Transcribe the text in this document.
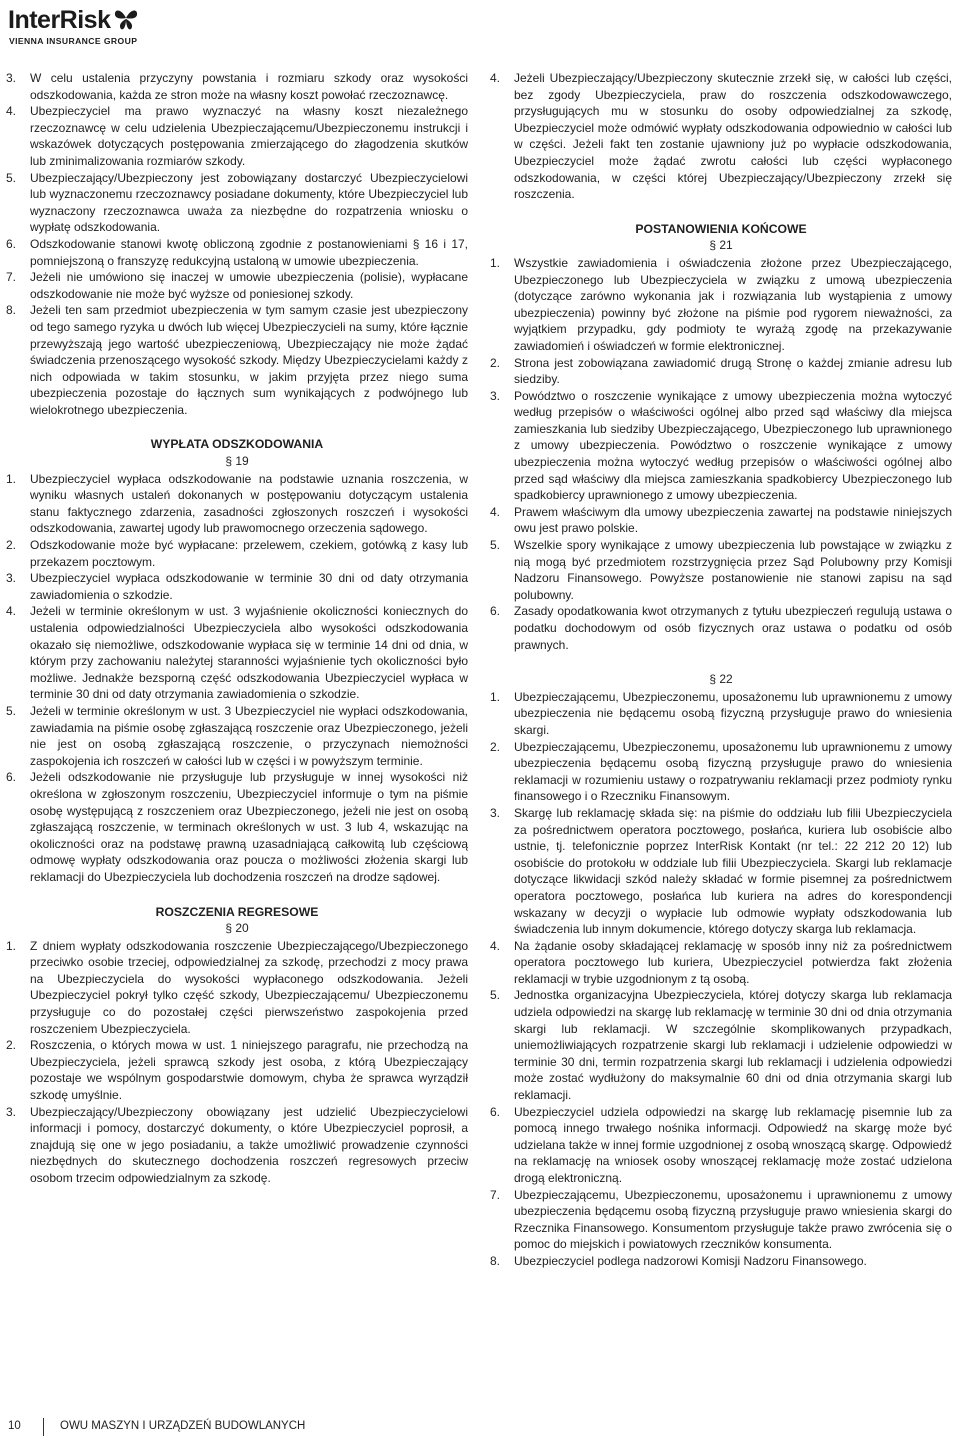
InterRisk
VIENNA INSURANCE GROUP
3. W celu ustalenia przyczyny powstania i rozmiaru szkody oraz wysokości odszkodowania, każda ze stron może na własny koszt powołać rzeczoznawcę.
4. Ubezpieczyciel ma prawo wyznaczyć na własny koszt niezależnego rzeczoznawcę w celu udzielenia Ubezpieczającemu/Ubezpieczonemu instrukcji i wskazówek dotyczących postępowania zmierzającego do złagodzenia skutków lub zminimalizowania rozmiarów szkody.
5. Ubezpieczający/Ubezpieczony jest zobowiązany dostarczyć Ubezpieczycielowi lub wyznaczonemu rzeczoznawcy posiadane dokumenty, które Ubezpieczyciel lub wyznaczony rzeczoznawca uważa za niezbędne do rozpatrzenia wniosku o wypłatę odszkodowania.
6. Odszkodowanie stanowi kwotę obliczoną zgodnie z postanowieniami § 16 i 17, pomniejszoną o franszyzę redukcyjną ustaloną w umowie ubezpieczenia.
7. Jeżeli nie umówiono się inaczej w umowie ubezpieczenia (polisie), wypłacane odszkodowanie nie może być wyższe od poniesionej szkody.
8. Jeżeli ten sam przedmiot ubezpieczenia w tym samym czasie jest ubezpieczony od tego samego ryzyka u dwóch lub więcej Ubezpieczycieli na sumy, które łącznie przewyższają jego wartość ubezpieczeniową, Ubezpieczający nie może żądać świadczenia przenoszącego wysokość szkody. Między Ubezpieczycielami każdy z nich odpowiada w takim stosunku, w jakim przyjęta przez niego suma ubezpieczenia pozostaje do łącznych sum wynikających z podwójnego lub wielokrotnego ubezpieczenia.
WYPŁATA ODSZKODOWANIA
§ 19
1. Ubezpieczyciel wypłaca odszkodowanie na podstawie uznania roszczenia, w wyniku własnych ustaleń dokonanych w postępowaniu dotyczącym ustalenia stanu faktycznego zdarzenia, zasadności zgłoszonych roszczeń i wysokości odszkodowania, zawartej ugody lub prawomocnego orzeczenia sądowego.
2. Odszkodowanie może być wypłacane: przelewem, czekiem, gotówką z kasy lub przekazem pocztowym.
3. Ubezpieczyciel wypłaca odszkodowanie w terminie 30 dni od daty otrzymania zawiadomienia o szkodzie.
4. Jeżeli w terminie określonym w ust. 3 wyjaśnienie okoliczności koniecznych do ustalenia odpowiedzialności Ubezpieczyciela albo wysokości odszkodowania okazało się niemożliwe, odszkodowanie wypłaca się w terminie 14 dni od dnia, w którym przy zachowaniu należytej staranności wyjaśnienie tych okoliczności było możliwe. Jednakże bezsporną część odszkodowania Ubezpieczyciel wypłaca w terminie 30 dni od daty otrzymania zawiadomienia o szkodzie.
5. Jeżeli w terminie określonym w ust. 3 Ubezpieczyciel nie wypłaci odszkodowania, zawiadamia na piśmie osobę zgłaszającą roszczenie oraz Ubezpieczonego, jeżeli nie jest on osobą zgłaszającą roszczenie, o przyczynach niemożności zaspokojenia ich roszczeń w całości lub w części i w powyższym terminie.
6. Jeżeli odszkodowanie nie przysługuje lub przysługuje w innej wysokości niż określona w zgłoszonym roszczeniu, Ubezpieczyciel informuje o tym na piśmie osobę występującą z roszczeniem oraz Ubezpieczonego, jeżeli nie jest on osobą zgłaszającą roszczenie, w terminach określonych w ust. 3 lub 4, wskazując na okoliczności oraz na podstawę prawną uzasadniającą całkowitą lub częściową odmowę wypłaty odszkodowania oraz poucza o możliwości złożenia skargi lub reklamacji do Ubezpieczyciela lub dochodzenia roszczeń na drodze sądowej.
ROSZCZENIA REGRESOWE
§ 20
1. Z dniem wypłaty odszkodowania roszczenie Ubezpieczającego/Ubezpieczonego przeciwko osobie trzeciej, odpowiedzialnej za szkodę, przechodzi z mocy prawa na Ubezpieczyciela do wysokości wypłaconego odszkodowania. Jeżeli Ubezpieczyciel pokrył tylko część szkody, Ubezpieczającemu/ Ubezpieczonemu przysługuje co do pozostałej części pierwszeństwo zaspokojenia przed roszczeniem Ubezpieczyciela.
2. Roszczenia, o których mowa w ust. 1 niniejszego paragrafu, nie przechodzą na Ubezpieczyciela, jeżeli sprawcą szkody jest osoba, z którą Ubezpieczający pozostaje we wspólnym gospodarstwie domowym, chyba że sprawca wyrządził szkodę umyślnie.
3. Ubezpieczający/Ubezpieczony obowiązany jest udzielić Ubezpieczycielowi informacji i pomocy, dostarczyć dokumenty, o które Ubezpieczyciel poprosił, a znajdują się one w jego posiadaniu, a także umożliwić prowadzenie czynności niezbędnych do skutecznego dochodzenia roszczeń regresowych przeciw osobom trzecim odpowiedzialnym za szkodę.
4. Jeżeli Ubezpieczający/Ubezpieczony skutecznie zrzekł się, w całości lub części, bez zgody Ubezpieczyciela, praw do roszczenia odszkodowawczego, przysługujących mu w stosunku do osoby odpowiedzialnej za szkodę, Ubezpieczyciel może odmówić wypłaty odszkodowania odpowiednio w całości lub w części. Jeżeli fakt ten zostanie ujawniony już po wypłacie odszkodowania, Ubezpieczyciel może żądać zwrotu całości lub części wypłaconego odszkodowania, w części której Ubezpieczający/Ubezpieczony zrzekł się roszczenia.
POSTANOWIENIA KOŃCOWE
§ 21
1. Wszystkie zawiadomienia i oświadczenia złożone przez Ubezpieczającego, Ubezpieczonego lub Ubezpieczyciela w związku z umową ubezpieczenia (dotyczące zarówno wykonania jak i rozwiązania lub wystąpienia z umowy ubezpieczenia) powinny być złożone na piśmie pod rygorem nieważności, za wyjątkiem przypadku, gdy podmioty te wyrażą zgodę na przekazywanie zawiadomień i oświadczeń w formie elektronicznej.
2. Strona jest zobowiązana zawiadomić drugą Stronę o każdej zmianie adresu lub siedziby.
3. Powództwo o roszczenie wynikające z umowy ubezpieczenia można wytoczyć według przepisów o właściwości ogólnej albo przed sąd właściwy dla miejsca zamieszkania lub siedziby Ubezpieczającego, Ubezpieczonego lub uprawnionego z umowy ubezpieczenia. Powództwo o roszczenie wynikające z umowy ubezpieczenia można wytoczyć według przepisów o właściwości ogólnej albo przed sąd właściwy dla miejsca zamieszkania spadkobiercy Ubezpieczonego lub spadkobiercy uprawnionego z umowy ubezpieczenia.
4. Prawem właściwym dla umowy ubezpieczenia zawartej na podstawie niniejszych owu jest prawo polskie.
5. Wszelkie spory wynikające z umowy ubezpieczenia lub powstające w związku z nią mogą być przedmiotem rozstrzygnięcia przez Sąd Polubowny przy Komisji Nadzoru Finansowego. Powyższe postanowienie nie stanowi zapisu na sąd polubowny.
6. Zasady opodatkowania kwot otrzymanych z tytułu ubezpieczeń regulują ustawa o podatku dochodowym od osób fizycznych oraz ustawa o podatku od osób prawnych.
§ 22
1. Ubezpieczającemu, Ubezpieczonemu, uposażonemu lub uprawnionemu z umowy ubezpieczenia nie będącemu osobą fizyczną przysługuje prawo do wniesienia skargi.
2. Ubezpieczającemu, Ubezpieczonemu, uposażonemu lub uprawnionemu z umowy ubezpieczenia będącemu osobą fizyczną przysługuje prawo do wniesienia reklamacji w rozumieniu ustawy o rozpatrywaniu reklamacji przez podmioty rynku finansowego i o Rzeczniku Finansowym.
3. Skargę lub reklamację składa się: na piśmie do oddziału lub filii Ubezpieczyciela za pośrednictwem operatora pocztowego, posłańca, kuriera lub osobiście albo ustnie, tj. telefonicznie poprzez InterRisk Kontakt (nr tel.: 22 212 20 12) lub osobiście do protokołu w oddziale lub filii Ubezpieczyciela. Skargi lub reklamacje dotyczące likwidacji szkód należy składać w formie pisemnej za pośrednictwem operatora pocztowego, posłańca lub kuriera na adres do korespondencji wskazany w decyzji o wypłacie lub odmowie wypłaty odszkodowania lub świadczenia lub innym dokumencie, którego dotyczy skarga lub reklamacja.
4. Na żądanie osoby składającej reklamację w sposób inny niż za pośrednictwem operatora pocztowego lub kuriera, Ubezpieczyciel potwierdza fakt złożenia reklamacji w trybie uzgodnionym z tą osobą.
5. Jednostka organizacyjna Ubezpieczyciela, której dotyczy skarga lub reklamacja udziela odpowiedzi na skargę lub reklamację w terminie 30 dni od dnia otrzymania skargi lub reklamacji. W szczególnie skomplikowanych przypadkach, uniemożliwiających rozpatrzenie skargi lub reklamacji i udzielenie odpowiedzi w terminie 30 dni, termin rozpatrzenia skargi lub reklamacji i udzielenia odpowiedzi może zostać wydłużony do maksymalnie 60 dni od dnia otrzymania skargi lub reklamacji.
6. Ubezpieczyciel udziela odpowiedzi na skargę lub reklamację pisemnie lub za pomocą innego trwałego nośnika informacji. Odpowiedź na skargę może być udzielana także w innej formie uzgodnionej z osobą wnoszącą skargę. Odpowiedź na reklamację na wniosek osoby wnoszącej reklamację może zostać udzielona drogą elektroniczną.
7. Ubezpieczającemu, Ubezpieczonemu, uposażonemu i uprawnionemu z umowy ubezpieczenia będącemu osobą fizyczną przysługuje prawo wniesienia skargi do Rzecznika Finansowego. Konsumentom przysługuje także prawo zwrócenia się o pomoc do miejskich i powiatowych rzeczników konsumenta.
8. Ubezpieczyciel podlega nadzorowi Komisji Nadzoru Finansowego.
10	OWU MASZYN I URZĄDZEŃ BUDOWLANYCH
